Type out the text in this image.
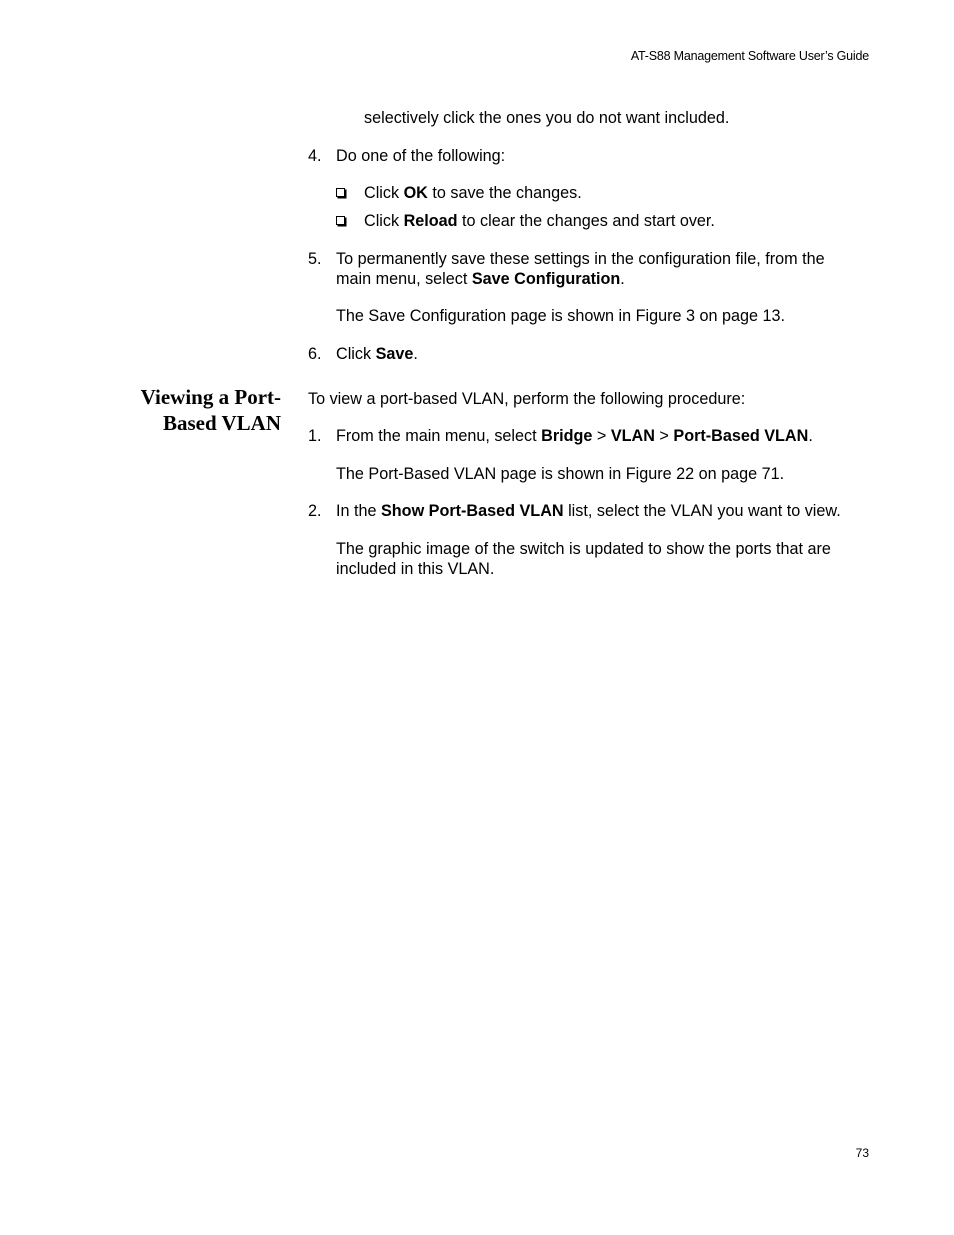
AT-S88 Management Software User’s Guide
selectively click the ones you do not want included.
4. Do one of the following:
Click OK to save the changes.
Click Reload to clear the changes and start over.
5. To permanently save these settings in the configuration file, from the
main menu, select Save Configuration.
The Save Configuration page is shown in Figure 3 on page 13.
6. Click Save.
Viewing a Port-
Based VLAN
To view a port-based VLAN, perform the following procedure:
1. From the main menu, select Bridge > VLAN > Port-Based VLAN.
The Port-Based VLAN page is shown in Figure 22 on page 71.
2. In the Show Port-Based VLAN list, select the VLAN you want to view.
The graphic image of the switch is updated to show the ports that are
included in this VLAN.
73
